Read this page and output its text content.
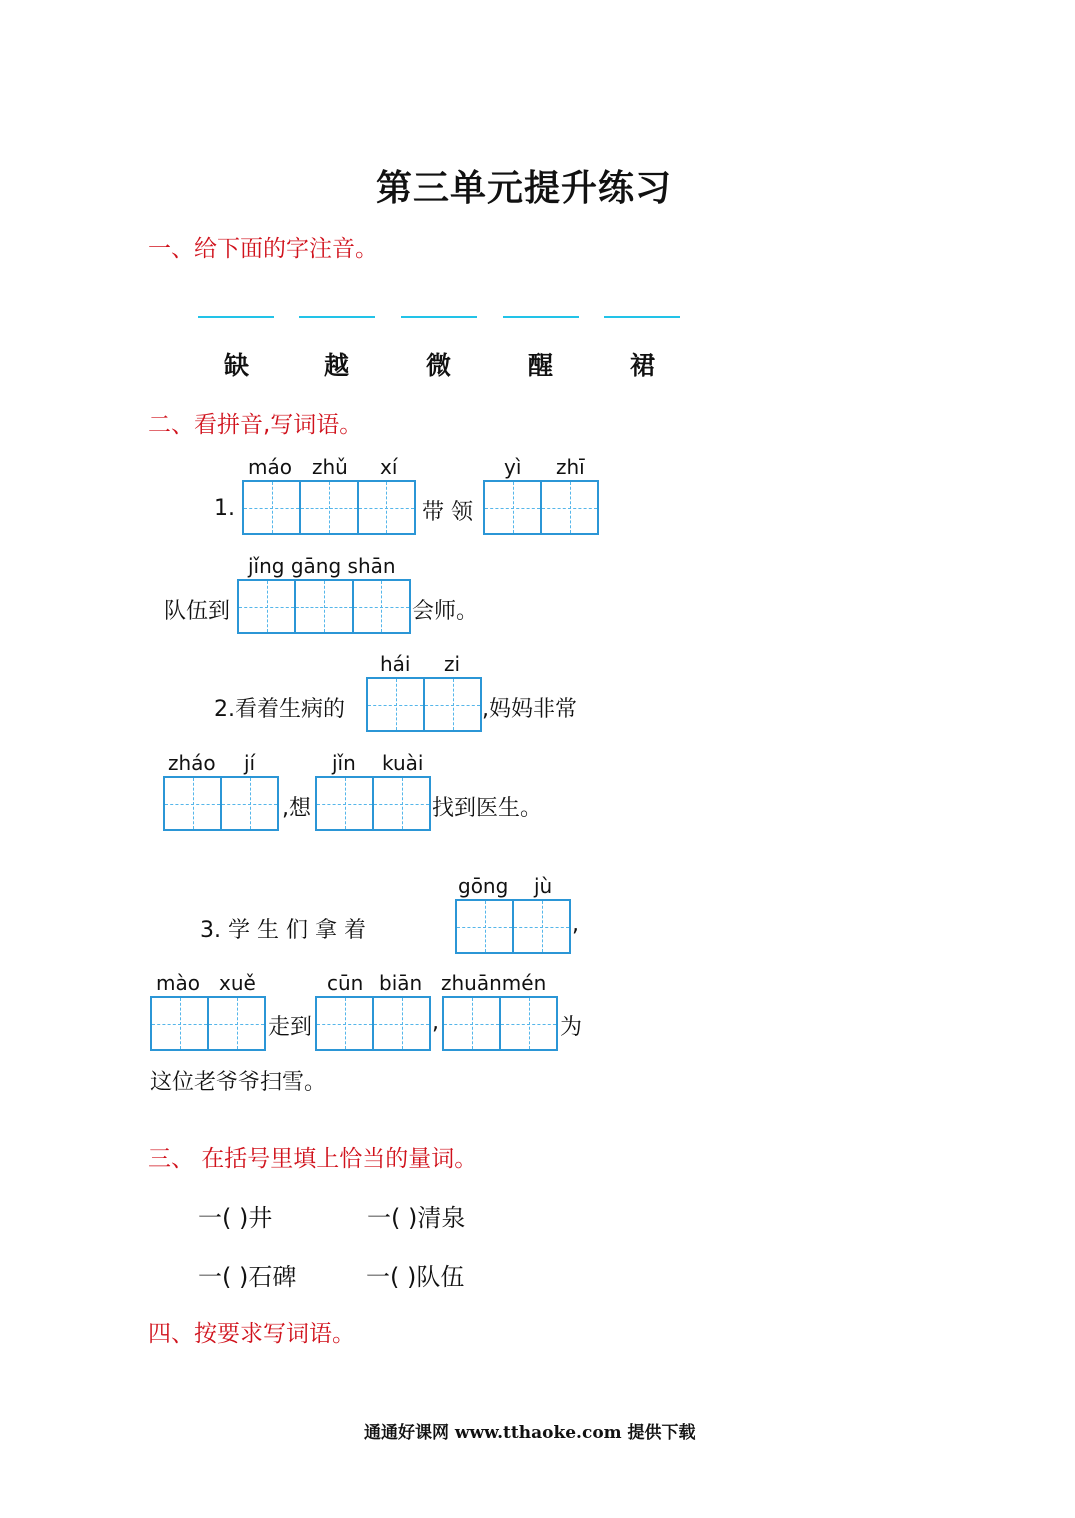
第三单元提升练习
一、给下面的字注音。
缺	越	微	醒	裙
二、看拼音,写词语。
máo zhǔ xí
1.	带 领
yì zhī
jǐng gāng shān
队伍到	会师。
2.看着生病的
hái zi
,妈妈非常
zháo jí
,想
jǐn kuài
找到医生。
3. 学 生 们 拿 着
gōng jù
,
mào xuě
走到
cūn biān
,
zhuānmén
为
这位老爷爷扫雪。
三、 在括号里填上恰当的量词。
一( )井	一( )清泉
一( )石碑	一( )队伍
四、按要求写词语。
通通好课网 www.tthaoke.com 提供下载
